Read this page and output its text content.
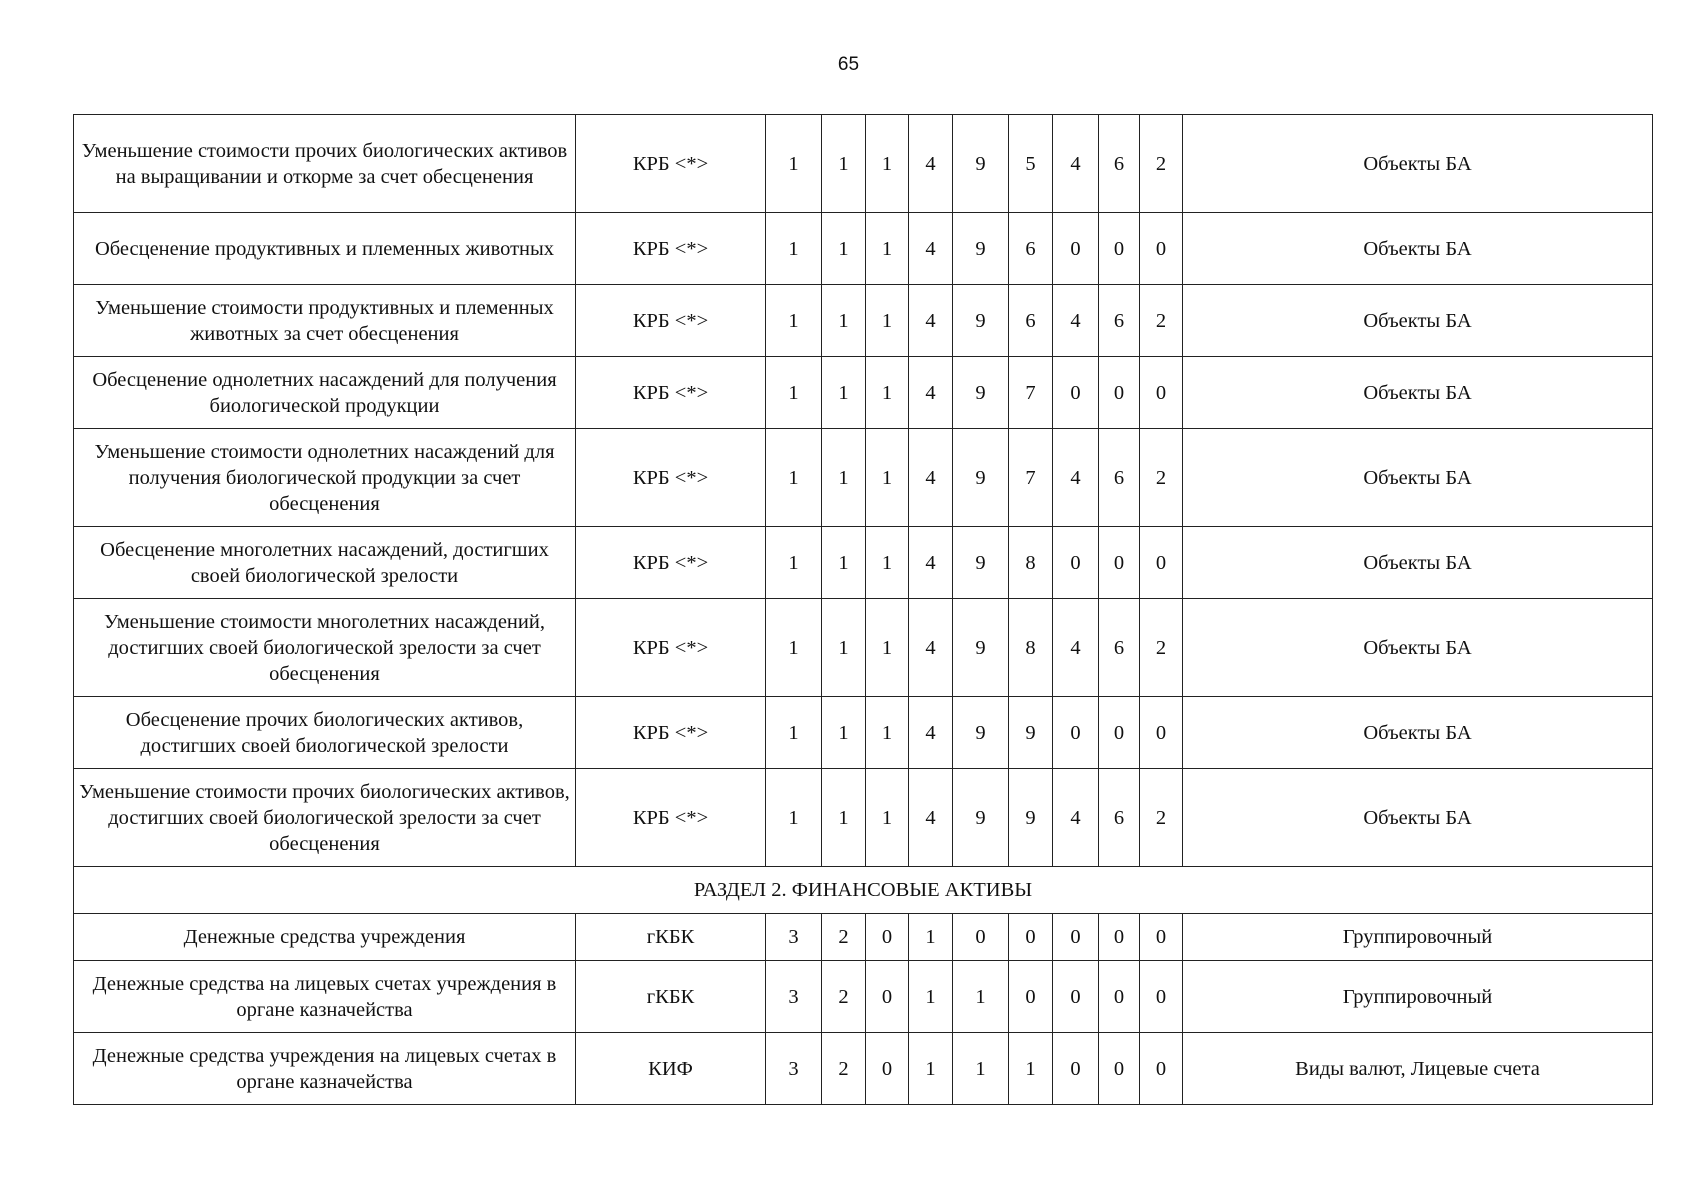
65
Уменьшение стоимости прочих биологических активов на выращивании и откорме за счет обесценения	КРБ <*>	1	1	1	4	9	5	4	6	2	Объекты БА
Обесценение продуктивных и племенных животных	КРБ <*>	1	1	1	4	9	6	0	0	0	Объекты БА
Уменьшение стоимости продуктивных и племенных животных за счет обесценения	КРБ <*>	1	1	1	4	9	6	4	6	2	Объекты БА
Обесценение однолетних насаждений для получения биологической продукции	КРБ <*>	1	1	1	4	9	7	0	0	0	Объекты БА
Уменьшение стоимости однолетних насаждений для получения биологической продукции за счет обесценения	КРБ <*>	1	1	1	4	9	7	4	6	2	Объекты БА
Обесценение многолетних насаждений, достигших своей биологической зрелости	КРБ <*>	1	1	1	4	9	8	0	0	0	Объекты БА
Уменьшение стоимости многолетних насаждений, достигших своей биологической зрелости за счет обесценения	КРБ <*>	1	1	1	4	9	8	4	6	2	Объекты БА
Обесценение прочих биологических активов, достигших своей биологической зрелости	КРБ <*>	1	1	1	4	9	9	0	0	0	Объекты БА
Уменьшение стоимости прочих биологических активов, достигших своей биологической зрелости за счет обесценения	КРБ <*>	1	1	1	4	9	9	4	6	2	Объекты БА
РАЗДЕЛ 2. ФИНАНСОВЫЕ АКТИВЫ											
Денежные средства учреждения	гКБК	3	2	0	1	0	0	0	0	0	Группировочный
Денежные средства на лицевых счетах учреждения в органе казначейства	гКБК	3	2	0	1	1	0	0	0	0	Группировочный
Денежные средства учреждения на лицевых счетах в органе казначейства	КИФ	3	2	0	1	1	1	0	0	0	Виды валют, Лицевые счета
